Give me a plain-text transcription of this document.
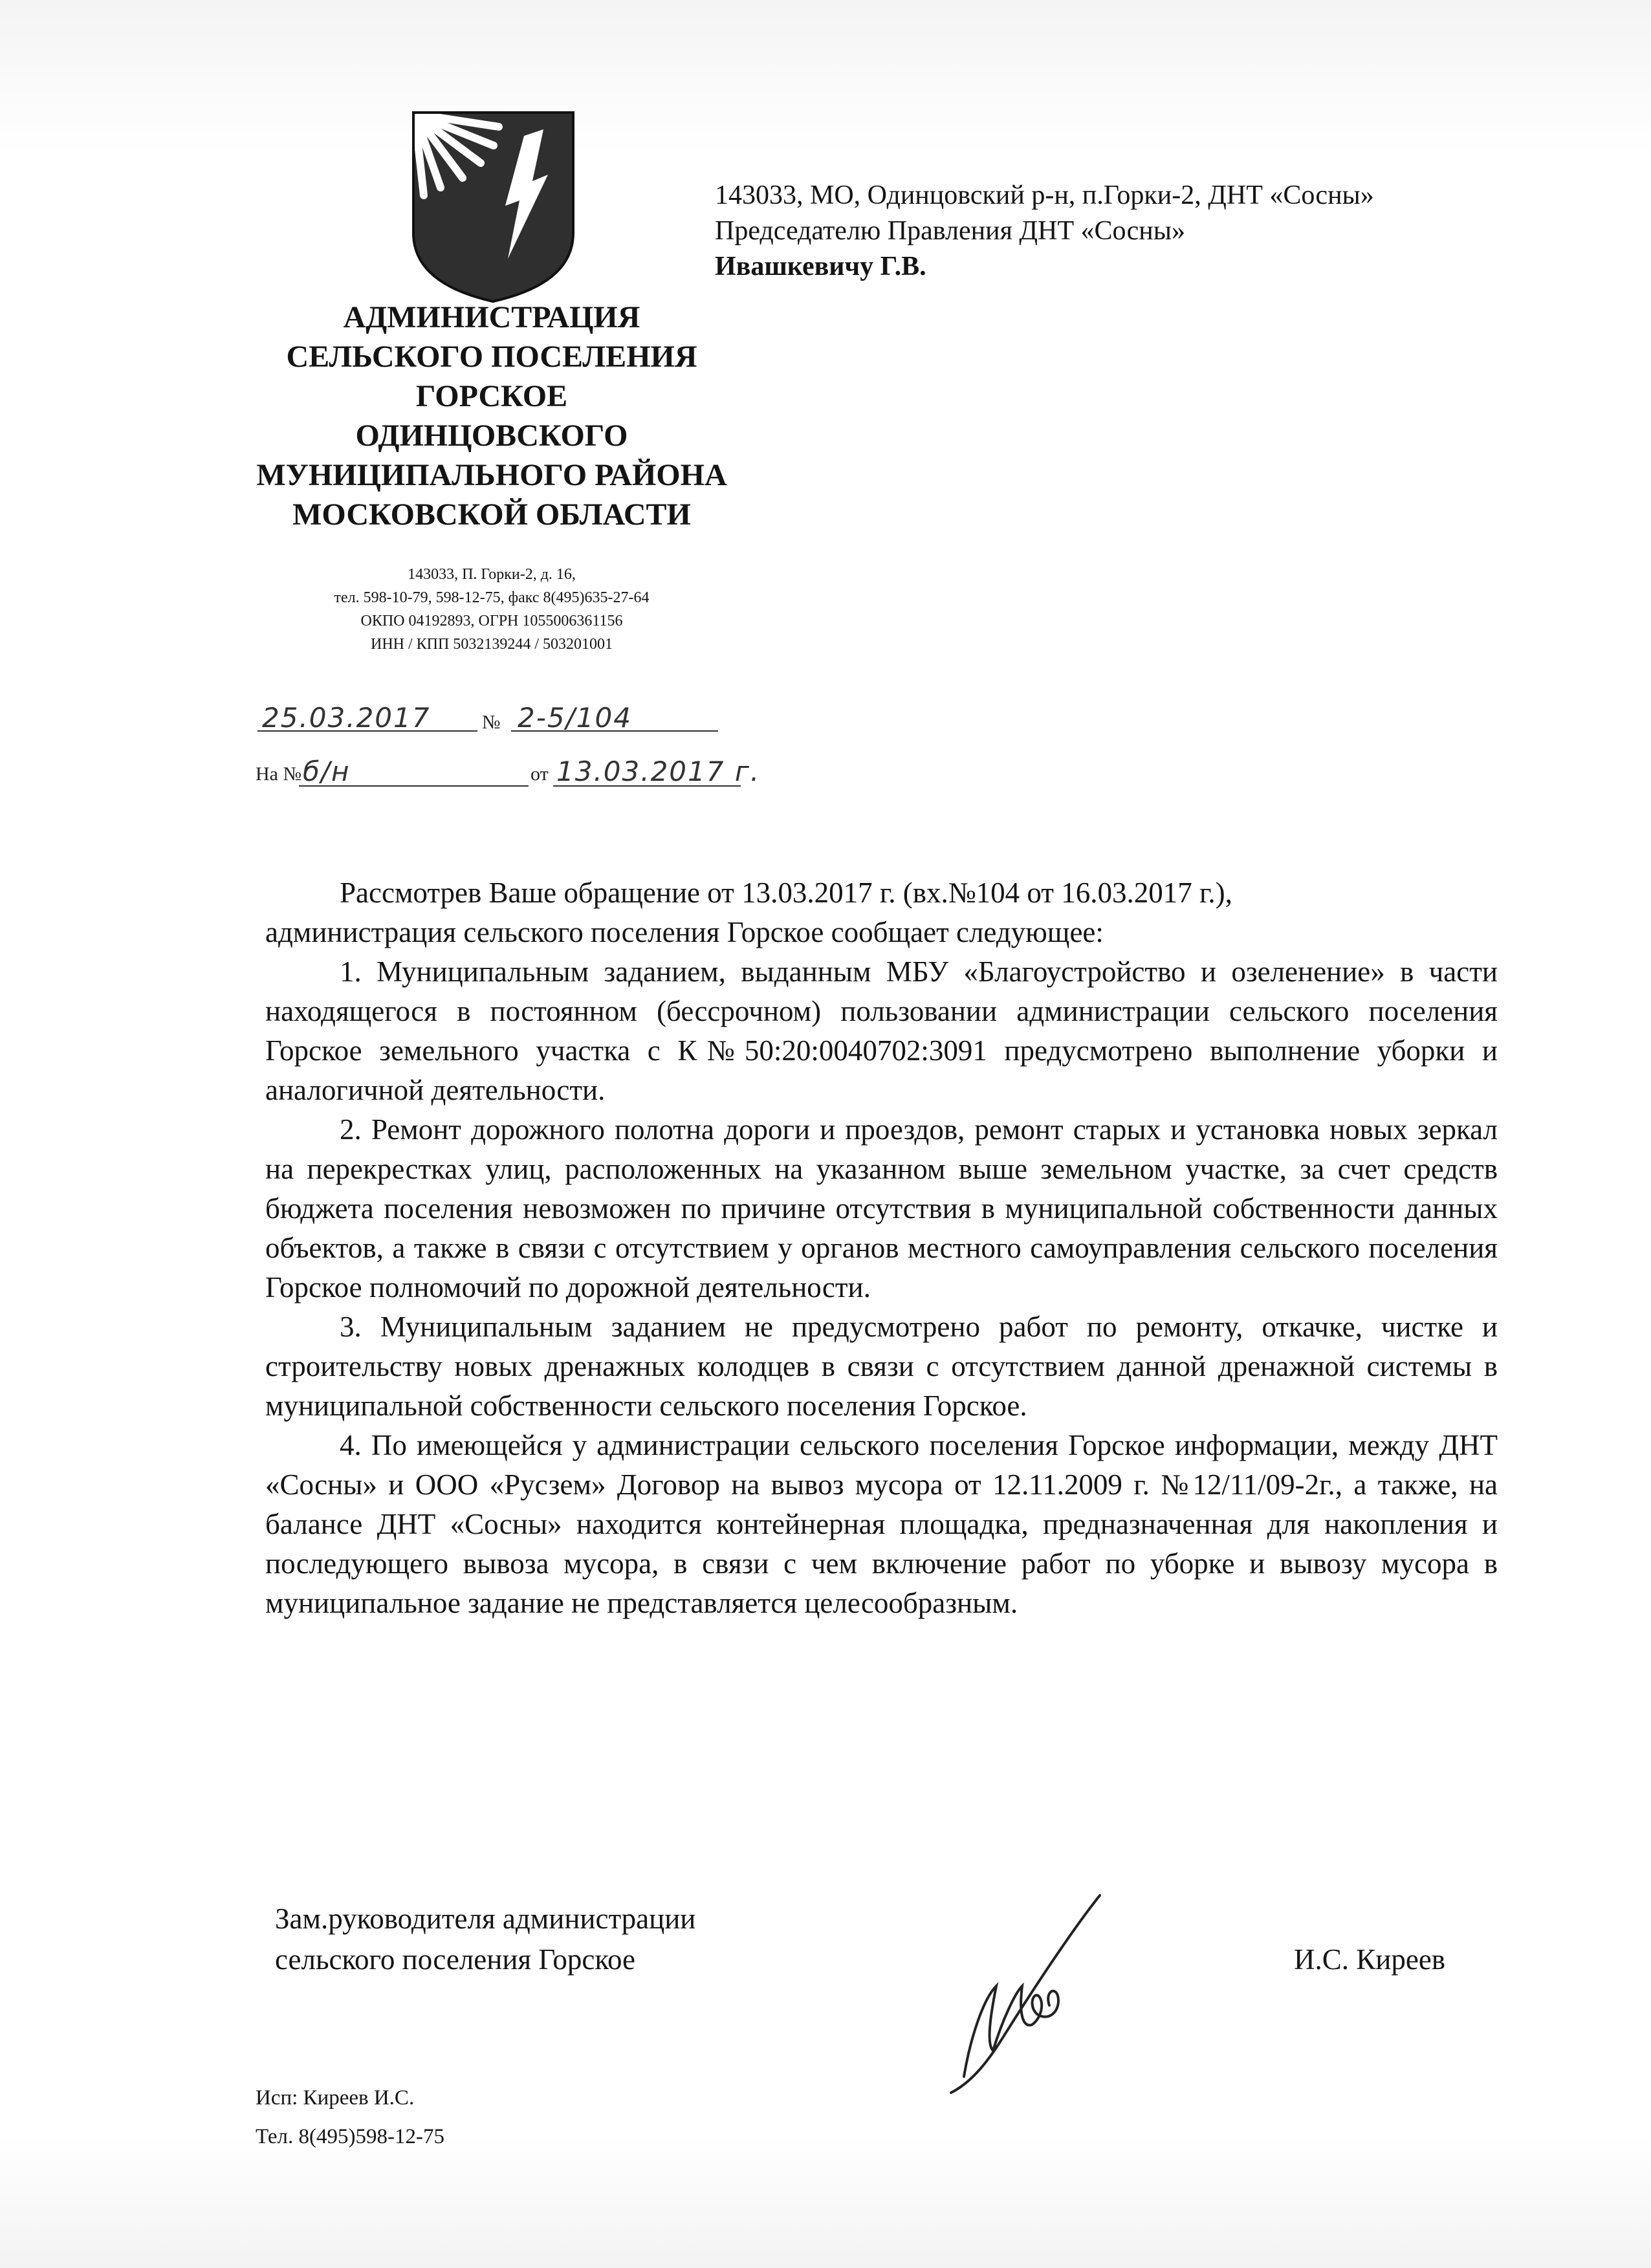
АДМИНИСТРАЦИЯ
СЕЛЬСКОГО ПОСЕЛЕНИЯ
ГОРСКОЕ
ОДИНЦОВСКОГО
МУНИЦИПАЛЬНОГО РАЙОНА
МОСКОВСКОЙ ОБЛАСТИ
143033, П. Горки-2, д. 16,
тел. 598-10-79, 598-12-75, факс 8(495)635-27-64
ОКПО 04192893, ОГРН 1055006361156
ИНН / КПП 5032139244 / 503201001
143033, МО, Одинцовский р-н, п.Горки-2, ДНТ «Сосны»
Председателю Правления ДНТ «Сосны»
Ивашкевичу Г.В.
25.03.2017	№ 2-5/104
На № б/н	от 13.03.2017 г.

Рассмотрев Ваше обращение от 13.03.2017 г. (вх.№104 от 16.03.2017 г.),

администрация сельского поселения Горское сообщает следующее:

1. Муниципальным заданием, выданным МБУ «Благоустройство и озеленение» в части находящегося в постоянном (бессрочном) пользовании администрации сельского поселения Горское земельного участка с К№50:20:0040702:3091 предусмотрено выполнение уборки и аналогичной деятельности.

2. Ремонт дорожного полотна дороги и проездов, ремонт старых и установка новых зеркал на перекрестках улиц, расположенных на указанном выше земельном участке, за счет средств бюджета поселения невозможен по причине отсутствия в муниципальной собственности данных объектов, а также в связи с отсутствием у органов местного самоуправления сельского поселения Горское полномочий по дорожной деятельности.

3. Муниципальным заданием не предусмотрено работ по ремонту, откачке, чистке и строительству новых дренажных колодцев в связи с отсутствием данной дренажной системы в муниципальной собственности сельского поселения Горское.

4. По имеющейся у администрации сельского поселения Горское информации, между ДНТ «Сосны» и ООО «Русзем» Договор на вывоз мусора от 12.11.2009 г. №12/11/09-2г., а также, на балансе ДНТ «Сосны» находится контейнерная площадка, предназначенная для накопления и последующего вывоза мусора, в связи с чем включение работ по уборке и вывозу мусора в муниципальное задание не представляется целесообразным.

Зам.руководителя администрации
сельского поселения Горское	И.С. Киреев
Исп: Киреев И.С.
Тел. 8(495)598-12-75
